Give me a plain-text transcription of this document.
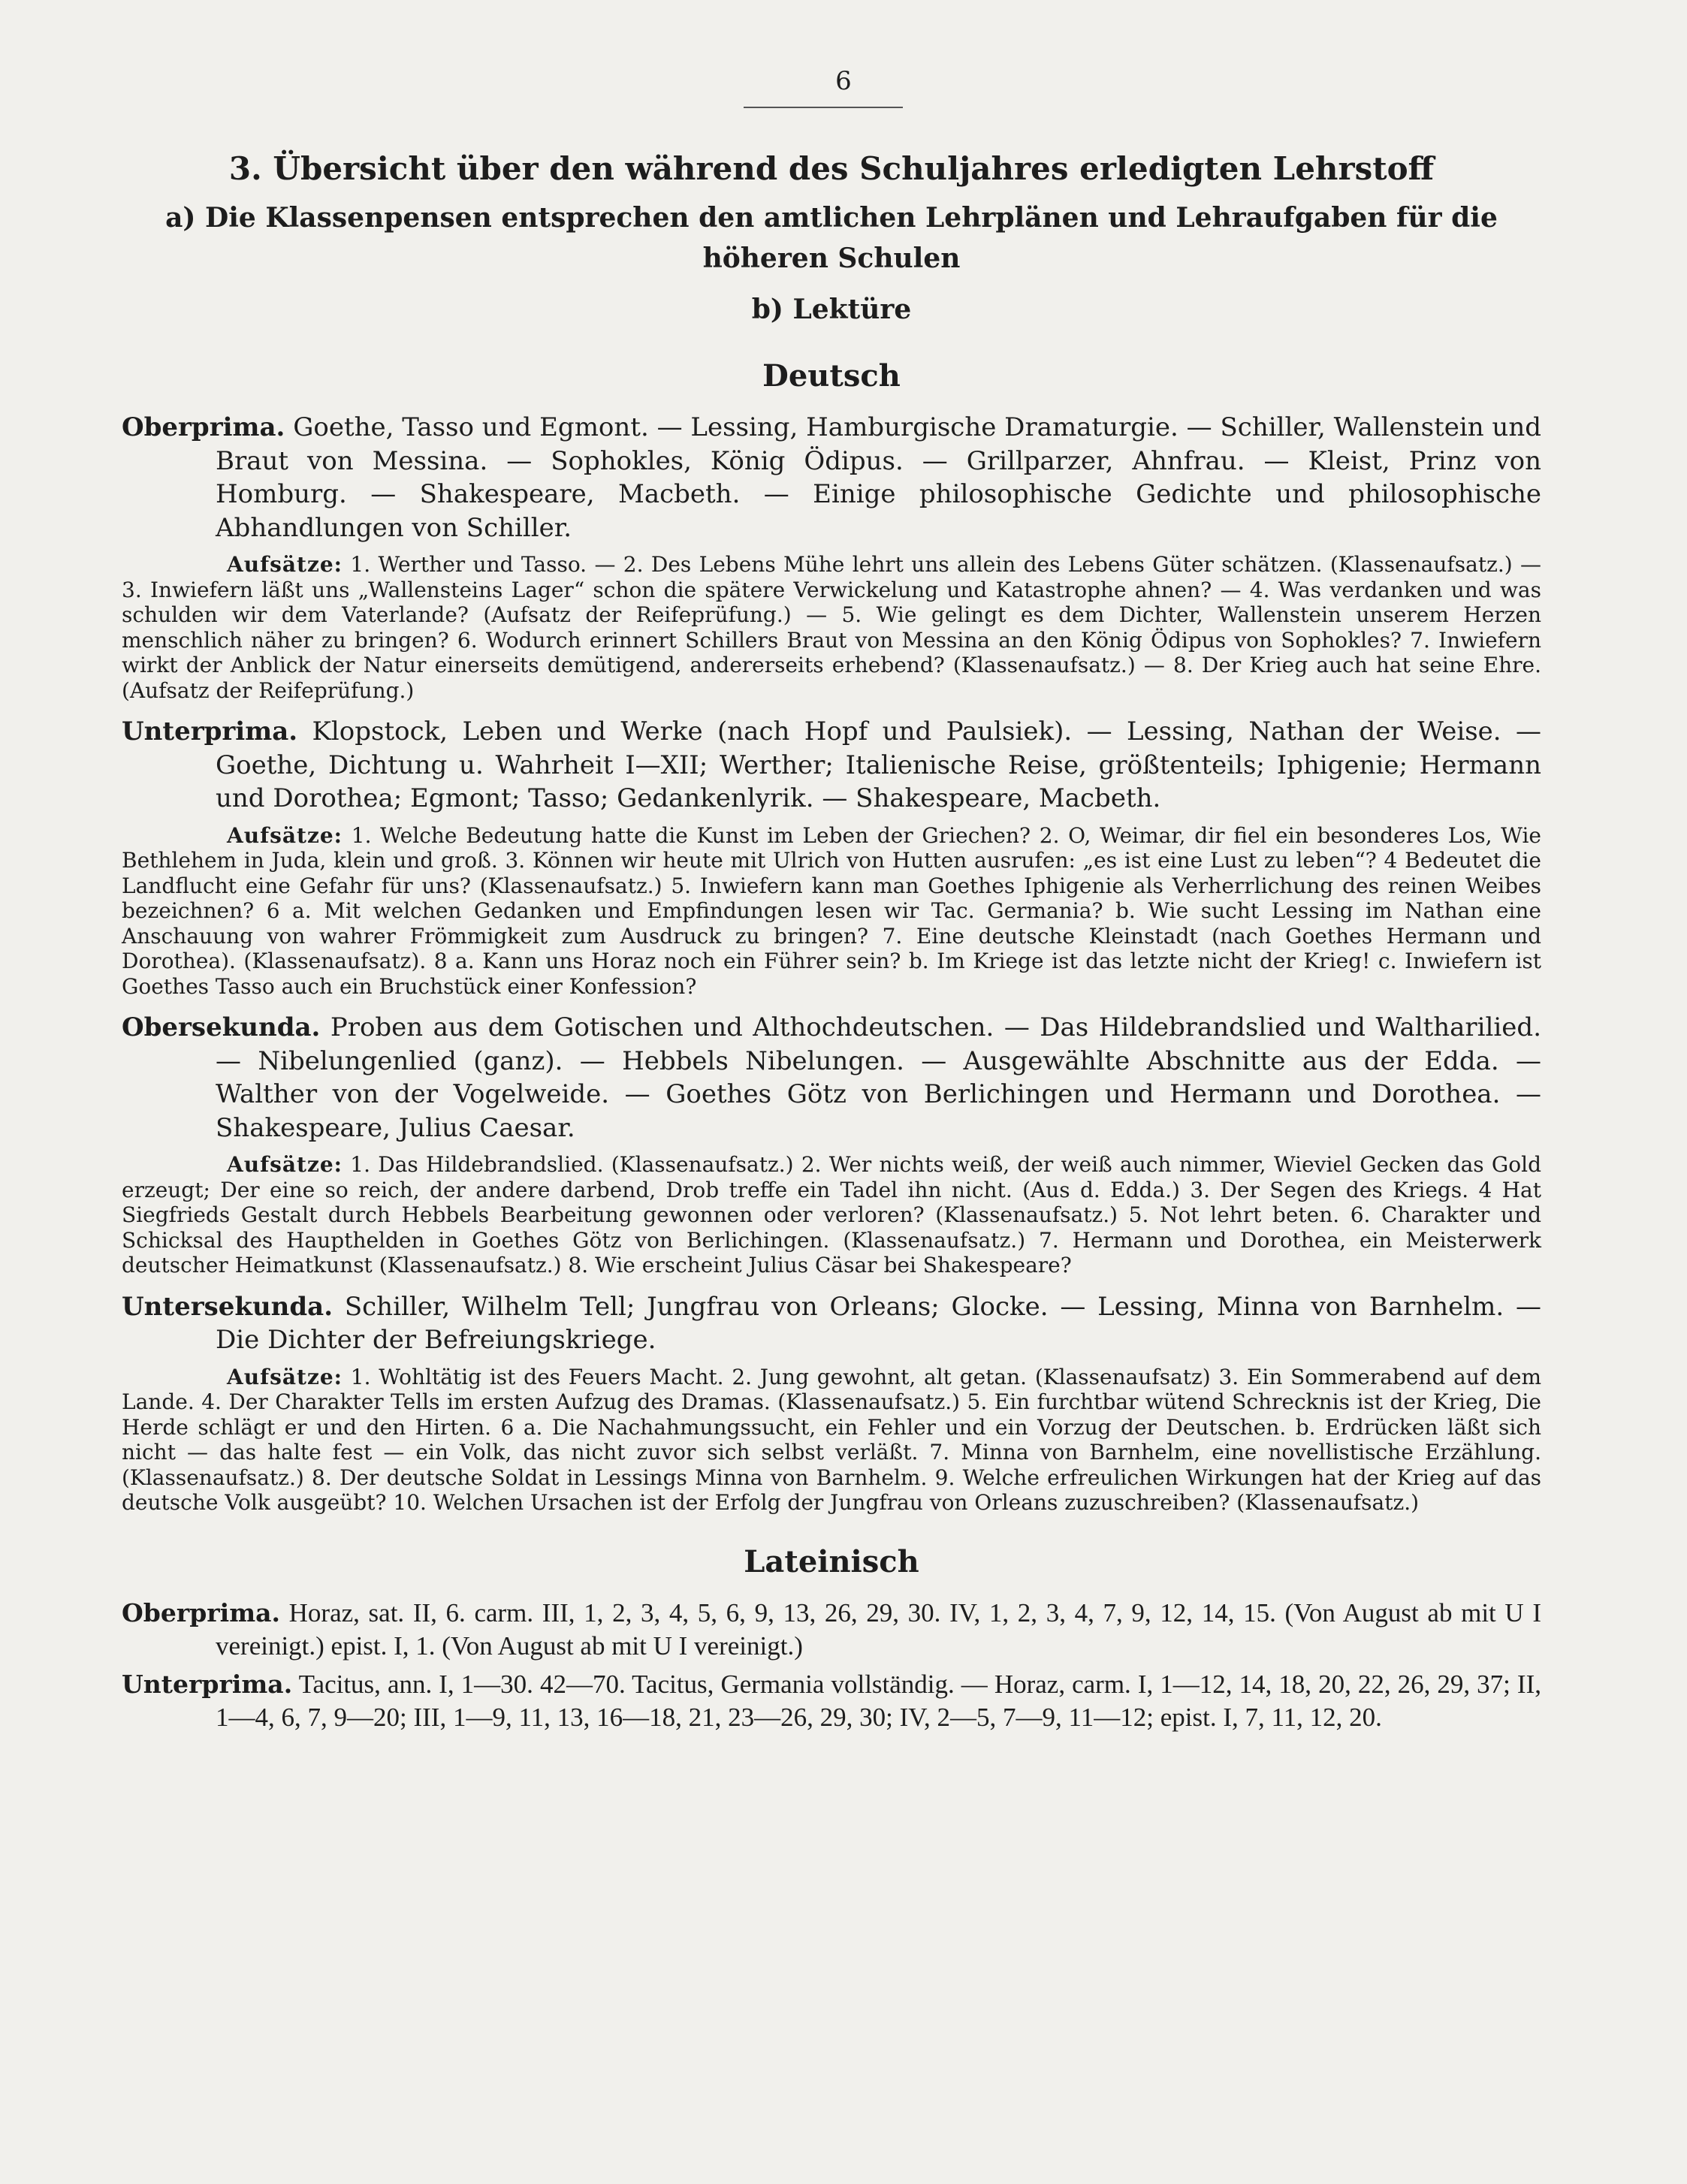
6
3. Übersicht über den während des Schuljahres erledigten Lehrstoff

a) Die Klassenpensen entsprechen den amtlichen Lehrplänen und Lehraufgaben für die höheren Schulen

b) Lektüre

Deutsch

Oberprima. Goethe, Tasso und Egmont. — Lessing, Hamburgische Dramaturgie. — Schiller, Wallenstein und Braut von Messina. — Sophokles, König Ödipus. — Grillparzer, Ahnfrau. — Kleist, Prinz von Homburg. — Shakespeare, Macbeth. — Einige philosophische Gedichte und philosophische Abhandlungen von Schiller.

Aufsätze: 1. Werther und Tasso. — 2. Des Lebens Mühe lehrt uns allein des Lebens Güter schätzen. (Klassenaufsatz.) — 3. Inwiefern läßt uns „Wallensteins Lager“ schon die spätere Verwickelung und Katastrophe ahnen? — 4. Was verdanken und was schulden wir dem Vaterlande? (Aufsatz der Reifeprüfung.) — 5. Wie gelingt es dem Dichter, Wallenstein unserem Herzen menschlich näher zu bringen? 6. Wodurch erinnert Schillers Braut von Messina an den König Ödipus von Sophokles? 7. Inwiefern wirkt der Anblick der Natur einerseits demütigend, andererseits erhebend? (Klassenaufsatz.) — 8. Der Krieg auch hat seine Ehre. (Aufsatz der Reifeprüfung.)

Unterprima. Klopstock, Leben und Werke (nach Hopf und Paulsiek). — Lessing, Nathan der Weise. — Goethe, Dichtung u. Wahrheit I—XII; Werther; Italienische Reise, größtenteils; Iphigenie; Hermann und Dorothea; Egmont; Tasso; Gedankenlyrik. — Shakespeare, Macbeth.

Aufsätze: 1. Welche Bedeutung hatte die Kunst im Leben der Griechen? 2. O, Weimar, dir fiel ein besonderes Los, Wie Bethlehem in Juda, klein und groß. 3. Können wir heute mit Ulrich von Hutten ausrufen: „es ist eine Lust zu leben“? 4 Bedeutet die Landflucht eine Gefahr für uns? (Klassenaufsatz.) 5. Inwiefern kann man Goethes Iphigenie als Verherrlichung des reinen Weibes bezeichnen? 6 a. Mit welchen Gedanken und Empfindungen lesen wir Tac. Germania? b. Wie sucht Lessing im Nathan eine Anschauung von wahrer Frömmigkeit zum Ausdruck zu bringen? 7. Eine deutsche Kleinstadt (nach Goethes Hermann und Dorothea). (Klassenaufsatz). 8 a. Kann uns Horaz noch ein Führer sein? b. Im Kriege ist das letzte nicht der Krieg! c. Inwiefern ist Goethes Tasso auch ein Bruchstück einer Konfession?

Obersekunda. Proben aus dem Gotischen und Althochdeutschen. — Das Hildebrandslied und Waltharilied. — Nibelungenlied (ganz). — Hebbels Nibelungen. — Ausgewählte Abschnitte aus der Edda. — Walther von der Vogelweide. — Goethes Götz von Berlichingen und Hermann und Dorothea. — Shakespeare, Julius Caesar.

Aufsätze: 1. Das Hildebrandslied. (Klassenaufsatz.) 2. Wer nichts weiß, der weiß auch nimmer, Wieviel Gecken das Gold erzeugt; Der eine so reich, der andere darbend, Drob treffe ein Tadel ihn nicht. (Aus d. Edda.) 3. Der Segen des Kriegs. 4 Hat Siegfrieds Gestalt durch Hebbels Bearbeitung gewonnen oder verloren? (Klassenaufsatz.) 5. Not lehrt beten. 6. Charakter und Schicksal des Haupthelden in Goethes Götz von Berlichingen. (Klassenaufsatz.) 7. Hermann und Dorothea, ein Meisterwerk deutscher Heimatkunst (Klassenaufsatz.) 8. Wie erscheint Julius Cäsar bei Shakespeare?

Untersekunda. Schiller, Wilhelm Tell; Jungfrau von Orleans; Glocke. — Lessing, Minna von Barnhelm. — Die Dichter der Befreiungskriege.

Aufsätze: 1. Wohltätig ist des Feuers Macht. 2. Jung gewohnt, alt getan. (Klassenaufsatz) 3. Ein Sommerabend auf dem Lande. 4. Der Charakter Tells im ersten Aufzug des Dramas. (Klassenaufsatz.) 5. Ein furchtbar wütend Schrecknis ist der Krieg, Die Herde schlägt er und den Hirten. 6 a. Die Nachahmungssucht, ein Fehler und ein Vorzug der Deutschen. b. Erdrücken läßt sich nicht — das halte fest — ein Volk, das nicht zuvor sich selbst verläßt. 7. Minna von Barnhelm, eine novellistische Erzählung. (Klassenaufsatz.) 8. Der deutsche Soldat in Lessings Minna von Barnhelm. 9. Welche erfreulichen Wirkungen hat der Krieg auf das deutsche Volk ausgeübt? 10. Welchen Ursachen ist der Erfolg der Jungfrau von Orleans zuzuschreiben? (Klassenaufsatz.)

Lateinisch

Oberprima. Horaz, sat. II, 6. carm. III, 1, 2, 3, 4, 5, 6, 9, 13, 26, 29, 30. IV, 1, 2, 3, 4, 7, 9, 12, 14, 15. (Von August ab mit U I vereinigt.) epist. I, 1. (Von August ab mit U I vereinigt.)

Unterprima. Tacitus, ann. I, 1—30. 42—70. Tacitus, Germania vollständig. — Horaz, carm. I, 1—12, 14, 18, 20, 22, 26, 29, 37; II, 1—4, 6, 7, 9—20; III, 1—9, 11, 13, 16—18, 21, 23—26, 29, 30; IV, 2—5, 7—9, 11—12; epist. I, 7, 11, 12, 20.
